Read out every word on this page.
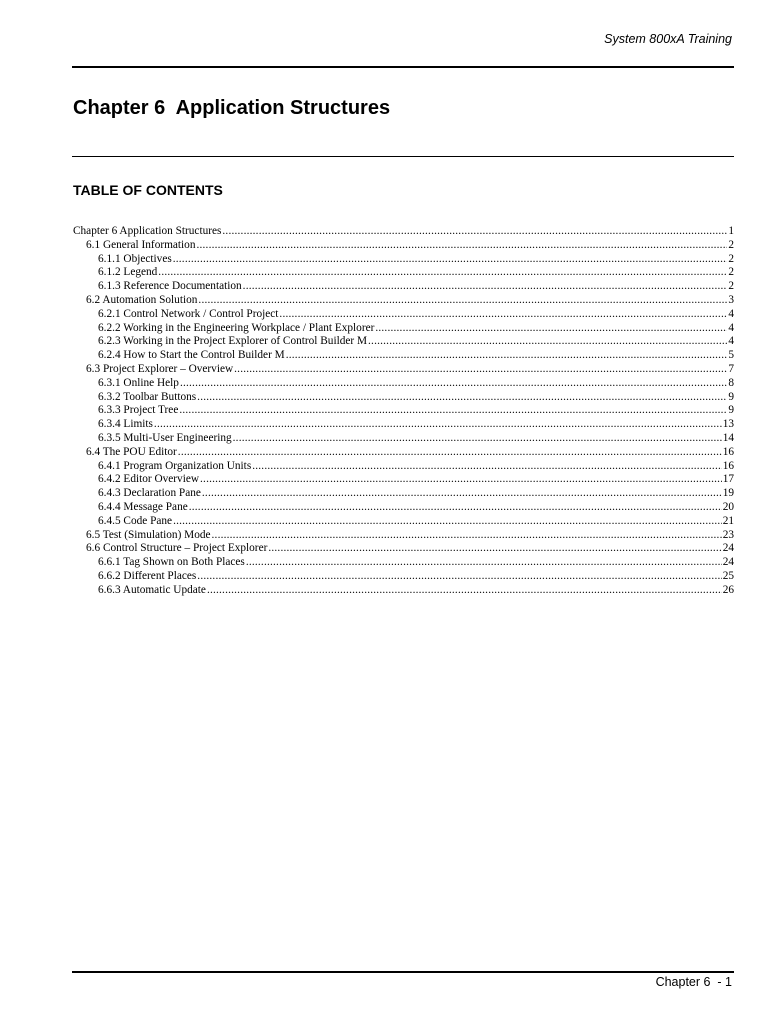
System 800xA Training
Chapter 6  Application Structures
TABLE OF CONTENTS
Chapter 6 Application Structures .....	1
6.1 General Information .....	2
6.1.1 Objectives .....	2
6.1.2 Legend .....	2
6.1.3 Reference Documentation .....	2
6.2 Automation Solution .....	3
6.2.1 Control Network / Control Project .....	4
6.2.2 Working in the Engineering Workplace / Plant Explorer .....	4
6.2.3 Working in the Project Explorer of Control Builder M .....	4
6.2.4 How to Start the Control Builder M .....	5
6.3 Project Explorer – Overview .....	7
6.3.1 Online Help .....	8
6.3.2 Toolbar Buttons .....	9
6.3.3 Project Tree .....	9
6.3.4 Limits .....	13
6.3.5 Multi-User Engineering .....	14
6.4 The POU Editor .....	16
6.4.1 Program Organization Units .....	16
6.4.2 Editor Overview .....	17
6.4.3 Declaration Pane .....	19
6.4.4 Message Pane .....	20
6.4.5 Code Pane .....	21
6.5 Test (Simulation) Mode .....	23
6.6 Control Structure – Project Explorer .....	24
6.6.1 Tag Shown on Both Places .....	24
6.6.2 Different Places .....	25
6.6.3 Automatic Update .....	26
Chapter 6  - 1
